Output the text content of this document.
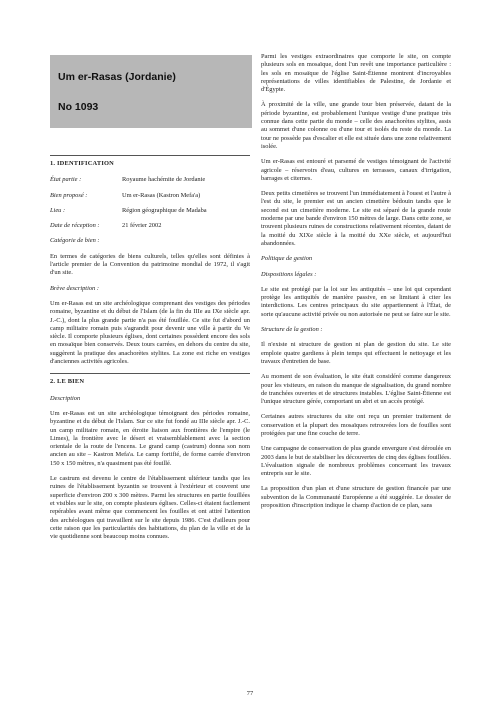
Um er-Rasas (Jordanie)
No 1093
1. IDENTIFICATION
État partie :	Royaume hachémite de Jordanie
Bien proposé :	Um er-Rasas (Kastron Mefa'a)
Lieu :	Région géographique de Madaba
Date de réception :	21 février 2002
Catégorie de bien :
En termes de catégories de biens culturels, telles qu'elles sont définies à l'article premier de la Convention du patrimoine mondial de 1972, il s'agit d'un site.
Brève description :
Um er-Rasas est un site archéologique comprenant des vestiges des périodes romaine, byzantine et du début de l'Islam (de la fin du IIIe au IXe siècle apr. J.-C.), dont la plus grande partie n'a pas été fouillée. Ce site fut d'abord un camp militaire romain puis s'agrandit pour devenir une ville à partir du Ve siècle. Il comporte plusieurs églises, dont certaines possèdent encore des sols en mosaïque bien conservés. Deux tours carrées, en dehors du centre du site, suggèrent la pratique des anachorètes stylites. La zone est riche en vestiges d'anciennes activités agricoles.
2. LE BIEN
Description
Um er-Rasas est un site archéologique témoignant des périodes romaine, byzantine et du début de l'Islam. Sur ce site fut fondé au IIIe siècle apr. J.-C. un camp militaire romain, en étroite liaison aux frontières de l'empire (le Limes), la frontière avec le désert et vraisemblablement avec la section orientale de la route de l'encens. Le grand camp (castrum) donna son nom ancien au site – Kastron Mefa'a. Le camp fortifié, de forme carrée d'environ 150 x 150 mètres, n'a quasiment pas été fouillé.
Le castrum est devenu le centre de l'établissement ultérieur tandis que les ruines de l'établissement byzantin se trouvent à l'extérieur et couvrent une superficie d'environ 200 x 300 mètres. Parmi les structures en partie fouillées et visibles sur le site, on compte plusieurs églises. Celles-ci étaient facilement repérables avant même que commencent les fouilles et ont attiré l'attention des archéologues qui travaillent sur le site depuis 1986. C'est d'ailleurs pour cette raison que les particularités des habitations, du plan de la ville et de la vie quotidienne sont beaucoup moins connues.
Parmi les vestiges extraordinaires que comporte le site, on compte plusieurs sols en mosaïque, dont l'un revêt une importance particulière : les sols en mosaïque de l'église Saint-Étienne montrent d'incroyables représentations de villes identifiables de Palestine, de Jordanie et d'Égypte.
À proximité de la ville, une grande tour bien préservée, datant de la période byzantine, est probablement l'unique vestige d'une pratique très connue dans cette partie du monde – celle des anachorètes stylites, assis au sommet d'une colonne ou d'une tour et isolés du reste du monde. La tour ne possède pas d'escalier et elle est située dans une zone relativement isolée.
Um er-Rasas est entouré et parsemé de vestiges témoignant de l'activité agricole – réservoirs d'eau, cultures en terrasses, canaux d'irrigation, barrages et citernes.
Deux petits cimetières se trouvent l'un immédiatement à l'ouest et l'autre à l'est du site, le premier est un ancien cimetière bédouin tandis que le second est un cimetière moderne. Le site est séparé de la grande route moderne par une bande d'environ 150 mètres de large. Dans cette zone, se trouvent plusieurs ruines de constructions relativement récentes, datant de la moitié du XIXe siècle à la moitié du XXe siècle, et aujourd'hui abandonnées.
Politique de gestion
Dispositions légales :
Le site est protégé par la loi sur les antiquités – une loi qui cependant protège les antiquités de manière passive, en se limitant à citer les interdictions. Les centres principaux du site appartiennent à l'État, de sorte qu'aucune activité privée ou non autorisée ne peut se faire sur le site.
Structure de la gestion :
Il n'existe ni structure de gestion ni plan de gestion du site. Le site emploie quatre gardiens à plein temps qui effectuent le nettoyage et les travaux d'entretien de base.
Au moment de son évaluation, le site était considéré comme dangereux pour les visiteurs, en raison du manque de signalisation, du grand nombre de tranchées ouvertes et de structures instables. L'église Saint-Étienne est l'unique structure gérée, comportant un abri et un accès protégé.
Certaines autres structures du site ont reçu un premier traitement de conservation et la plupart des mosaïques retrouvées lors de fouilles sont protégées par une fine couche de terre.
Une campagne de conservation de plus grande envergure s'est déroulée en 2003 dans le but de stabiliser les découvertes de cinq des églises fouillées. L'évaluation signale de nombreux problèmes concernant les travaux entrepris sur le site.
La proposition d'un plan et d'une structure de gestion financée par une subvention de la Communauté Européenne a été suggérée. Le dossier de proposition d'inscription indique le champ d'action de ce plan, sans
77
